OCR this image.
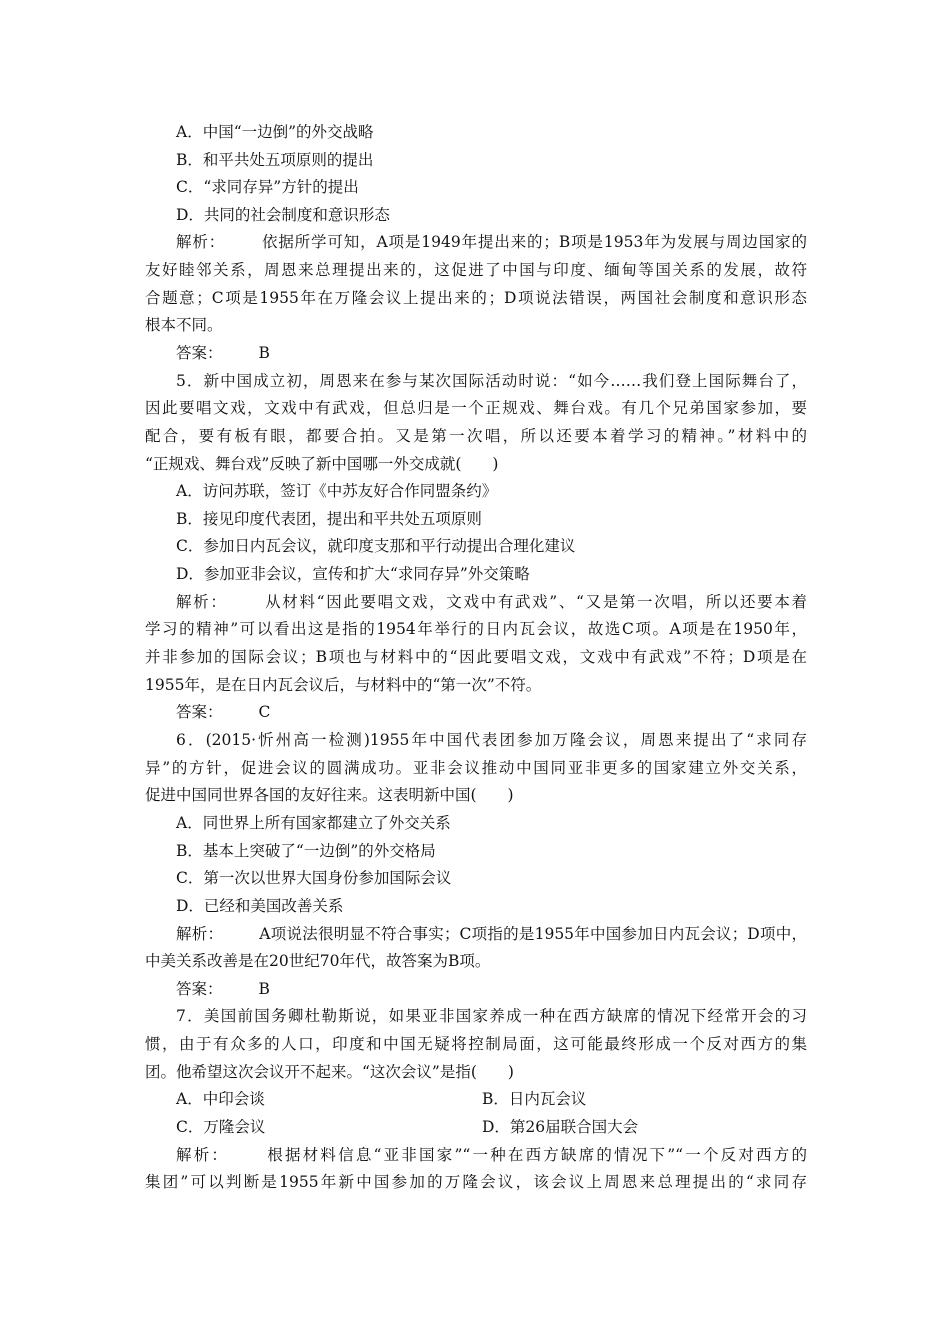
A．中国“一边倒”的外交战略
B．和平共处五项原则的提出
C．“求同存异”方针的提出
D．共同的社会制度和意识形态
解析： 依据所学可知，A项是1949年提出来的；B项是1953年为发展与周边国家的
友好睦邻关系，周恩来总理提出来的，这促进了中国与印度、缅甸等国关系的发展，故符
合题意；C项是1955年在万隆会议上提出来的；D项说法错误，两国社会制度和意识形态
根本不同。
答案： B
5．新中国成立初，周恩来在参与某次国际活动时说：“如今……我们登上国际舞台了，
因此要唱文戏，文戏中有武戏，但总归是一个正规戏、舞台戏。有几个兄弟国家参加，要
配合，要有板有眼，都要合拍。又是第一次唱，所以还要本着学习的精神。”材料中的
“正规戏、舞台戏”反映了新中国哪一外交成就(　　)
A．访问苏联，签订《中苏友好合作同盟条约》
B．接见印度代表团，提出和平共处五项原则
C．参加日内瓦会议，就印度支那和平行动提出合理化建议
D．参加亚非会议，宣传和扩大“求同存异”外交策略
解析： 从材料“因此要唱文戏，文戏中有武戏”、“又是第一次唱，所以还要本着
学习的精神”可以看出这是指的1954年举行的日内瓦会议，故选C项。A项是在1950年，
并非参加的国际会议；B项也与材料中的“因此要唱文戏，文戏中有武戏”不符；D项是在
1955年，是在日内瓦会议后，与材料中的“第一次”不符。
答案： C
6．(2015·忻州高一检测)1955年中国代表团参加万隆会议，周恩来提出了“求同存
异”的方针，促进会议的圆满成功。亚非会议推动中国同亚非更多的国家建立外交关系，
促进中国同世界各国的友好往来。这表明新中国(　　)
A．同世界上所有国家都建立了外交关系
B．基本上突破了“一边倒”的外交格局
C．第一次以世界大国身份参加国际会议
D．已经和美国改善关系
解析： A项说法很明显不符合事实；C项指的是1955年中国参加日内瓦会议；D项中，
中美关系改善是在20世纪70年代，故答案为B项。
答案： B
7．美国前国务卿杜勒斯说，如果亚非国家养成一种在西方缺席的情况下经常开会的习
惯，由于有众多的人口，印度和中国无疑将控制局面，这可能最终形成一个反对西方的集
团。他希望这次会议开不起来。“这次会议”是指(　　)
A．中印会谈	B．日内瓦会议
C．万隆会议	D．第26届联合国大会
解析： 根据材料信息“亚非国家”“一种在西方缺席的情况下”“一个反对西方的
集团”可以判断是1955年新中国参加的万隆会议，该会议上周恩来总理提出的“求同存
